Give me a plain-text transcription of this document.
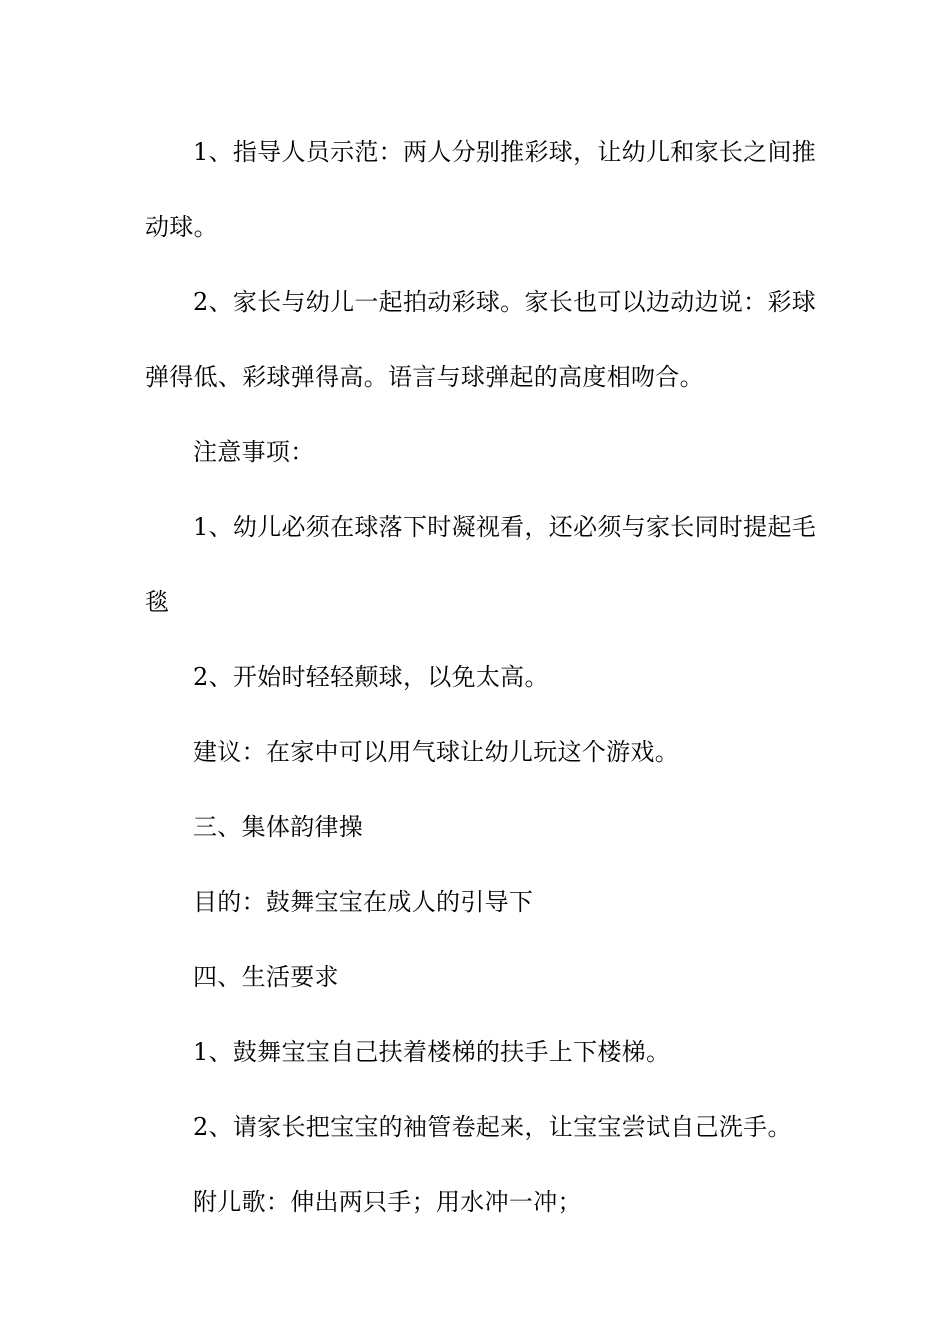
1、指导人员示范：两人分别推彩球，让幼儿和家长之间推
动球。
2、家长与幼儿一起拍动彩球。家长也可以边动边说：彩球
弹得低、彩球弹得高。语言与球弹起的高度相吻合。
注意事项：
1、幼儿必须在球落下时凝视看，还必须与家长同时提起毛
毯
2、开始时轻轻颠球，以免太高。
建议：在家中可以用气球让幼儿玩这个游戏。
三、集体韵律操
目的：鼓舞宝宝在成人的引导下
四、生活要求
1、鼓舞宝宝自己扶着楼梯的扶手上下楼梯。
2、请家长把宝宝的袖管卷起来，让宝宝尝试自己洗手。
附儿歌：伸出两只手；用水冲一冲；
